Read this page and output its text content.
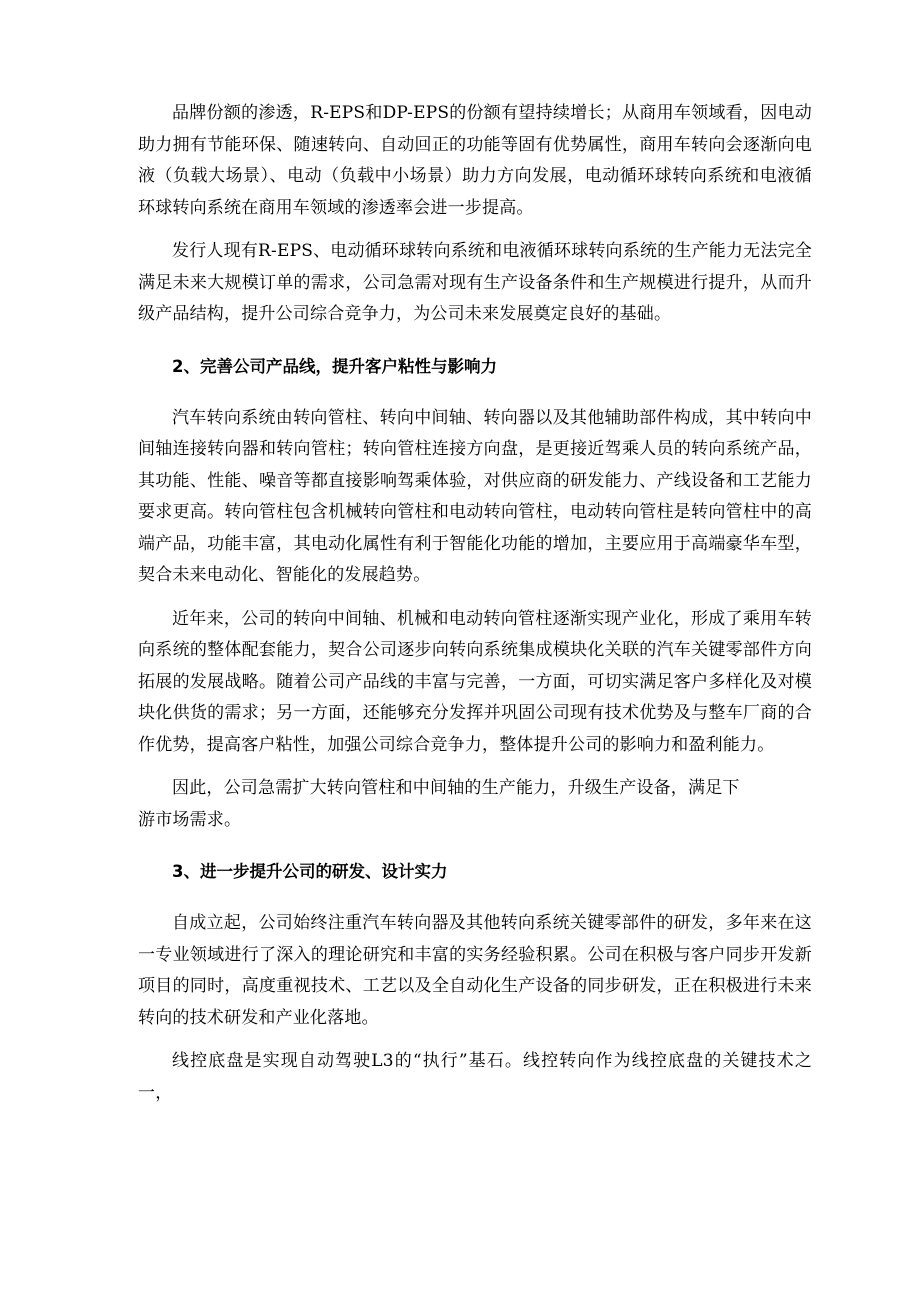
品牌份额的渗透，R-EPS和DP-EPS的份额有望持续增长；从商用车领域看，因电动助力拥有节能环保、随速转向、自动回正的功能等固有优势属性，商用车转向会逐渐向电液（负载大场景）、电动（负载中小场景）助力方向发展，电动循环球转向系统和电液循环球转向系统在商用车领域的渗透率会进一步提高。

发行人现有R-EPS、电动循环球转向系统和电液循环球转向系统的生产能力无法完全满足未来大规模订单的需求，公司急需对现有生产设备条件和生产规模进行提升，从而升级产品结构，提升公司综合竞争力，为公司未来发展奠定良好的基础。

2、完善公司产品线，提升客户粘性与影响力

汽车转向系统由转向管柱、转向中间轴、转向器以及其他辅助部件构成，其中转向中间轴连接转向器和转向管柱；转向管柱连接方向盘，是更接近驾乘人员的转向系统产品，其功能、性能、噪音等都直接影响驾乘体验，对供应商的研发能力、产线设备和工艺能力要求更高。转向管柱包含机械转向管柱和电动转向管柱，电动转向管柱是转向管柱中的高端产品，功能丰富，其电动化属性有利于智能化功能的增加，主要应用于高端豪华车型，契合未来电动化、智能化的发展趋势。

近年来，公司的转向中间轴、机械和电动转向管柱逐渐实现产业化，形成了乘用车转向系统的整体配套能力，契合公司逐步向转向系统集成模块化关联的汽车关键零部件方向拓展的发展战略。随着公司产品线的丰富与完善，一方面，可切实满足客户多样化及对模块化供货的需求；另一方面，还能够充分发挥并巩固公司现有技术优势及与整车厂商的合作优势，提高客户粘性，加强公司综合竞争力，整体提升公司的影响力和盈利能力。

因此，公司急需扩大转向管柱和中间轴的生产能力，升级生产设备，满足下

游市场需求。

3、进一步提升公司的研发、设计实力

自成立起，公司始终注重汽车转向器及其他转向系统关键零部件的研发，多年来在这一专业领域进行了深入的理论研究和丰富的实务经验积累。公司在积极与客户同步开发新项目的同时，高度重视技术、工艺以及全自动化生产设备的同步研发，正在积极进行未来转向的技术研发和产业化落地。

线控底盘是实现自动驾驶L3的“执行”基石。线控转向作为线控底盘的关键技术之一，
